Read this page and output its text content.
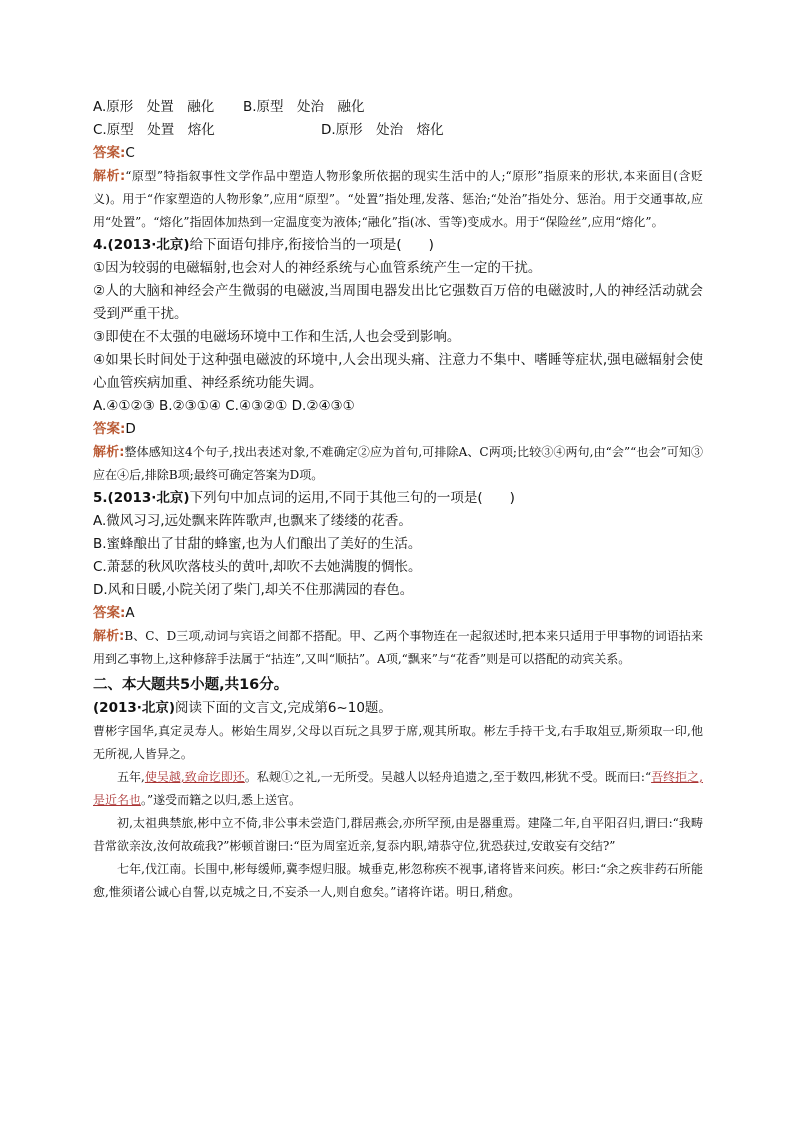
A.原形　处置　融化 B.原型　处治　融化
C.原型　处置　熔化	D.原形　处治　熔化
答案:C
解析:“原型”特指叙事性文学作品中塑造人物形象所依据的现实生活中的人;“原形”指原来的形状,本来面目(含贬义)。用于“作家塑造的人物形象”,应用“原型”。“处置”指处理,发落、惩治;“处治”指处分、惩治。用于交通事故,应用“处置”。“熔化”指固体加热到一定温度变为液体;“融化”指(冰、雪等)变成水。用于“保险丝”,应用“熔化”。
4.(2013·北京)给下面语句排序,衔接恰当的一项是(　　)
①因为较弱的电磁辐射,也会对人的神经系统与心血管系统产生一定的干扰。
②人的大脑和神经会产生微弱的电磁波,当周围电器发出比它强数百万倍的电磁波时,人的神经活动就会受到严重干扰。
③即使在不太强的电磁场环境中工作和生活,人也会受到影响。
④如果长时间处于这种强电磁波的环境中,人会出现头痛、注意力不集中、嗜睡等症状,强电磁辐射会使心血管疾病加重、神经系统功能失调。
A.④①②③ B.②③①④ C.④③②① D.②④③①
答案:D
解析:整体感知这4个句子,找出表述对象,不难确定②应为首句,可排除A、C两项;比较③④两句,由“会”“也会”可知③应在④后,排除B项;最终可确定答案为D项。
5.(2013·北京)下列句中加点词的运用,不同于其他三句的一项是(　　)
A.微风习习,远处飘来阵阵歌声,也飘来了缕缕的花香。
B.蜜蜂酿出了甘甜的蜂蜜,也为人们酿出了美好的生活。
C.萧瑟的秋风吹落枝头的黄叶,却吹不去她满腹的惆怅。
D.风和日暖,小院关闭了柴门,却关不住那满园的春色。
答案:A
解析:B、C、D三项,动词与宾语之间都不搭配。甲、乙两个事物连在一起叙述时,把本来只适用于甲事物的词语拈来用到乙事物上,这种修辞手法属于“拈连”,又叫“顺拈”。A项,“飘来”与“花香”则是可以搭配的动宾关系。
二、本大题共5小题,共16分。
(2013·北京)阅读下面的文言文,完成第6~10题。
曹彬字国华,真定灵寿人。彬始生周岁,父母以百玩之具罗于席,观其所取。彬左手持干戈,右手取俎豆,斯须取一印,他无所视,人皆异之。
五年,使吴越,致命讫即还。私觌①之礼,一无所受。吴越人以轻舟追遗之,至于数四,彬犹不受。既而曰:“吾终拒之,是近名也。”遂受而籍之以归,悉上送官。
初,太祖典禁旅,彬中立不倚,非公事未尝造门,群居燕会,亦所罕预,由是器重焉。建隆二年,自平阳召归,谓曰:“我畴昔常欲亲汝,汝何故疏我?”彬顿首谢曰:“臣为周室近亲,复忝内职,靖恭守位,犹恐获过,安敢妄有交结?”
七年,伐江南。长围中,彬每缓师,冀李煜归服。城垂克,彬忽称疾不视事,诸将皆来问疾。彬曰:“余之疾非药石所能愈,惟须诸公诚心自誓,以克城之日,不妄杀一人,则自愈矣。”诸将许诺。明日,稍愈。
